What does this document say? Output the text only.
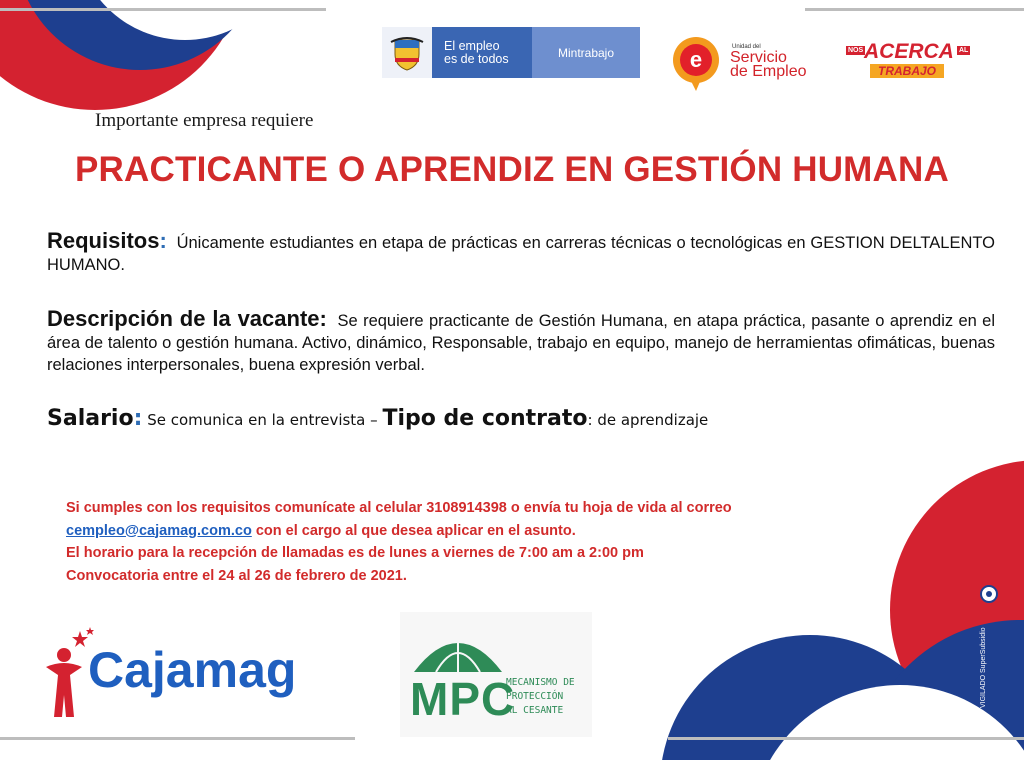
El empleo
es de todos	Mintrabajo	e	Unidad del
Servicio
de Empleo
NOS ACERCA AL
TRABAJO
Importante empresa requiere
PRACTICANTE O APRENDIZ EN GESTIÓN HUMANA
Requisitos: Únicamente estudiantes en etapa de prácticas en carreras técnicas o tecnológicas en GESTION DELTALENTO HUMANO.
Descripción de la vacante: Se requiere practicante de Gestión Humana, en atapa práctica, pasante o aprendiz en el área de talento o gestión humana. Activo, dinámico, Responsable, trabajo en equipo, manejo de herramientas ofimáticas, buenas relaciones interpersonales, buena expresión verbal.
Salario: Se comunica en la entrevista – Tipo de contrato: de aprendizaje
Si cumples con los requisitos comunícate al celular 3108914398 o envía tu hoja de vida al correo
cempleo@cajamag.com.co con el cargo al que desea aplicar en el asunto.
El horario para la recepción de llamadas es de lunes a viernes de 7:00 am a 2:00 pm
Convocatoria entre el 24 al 26 de febrero de 2021.
Cajamag
MPC
MECANISMO DE
PROTECCIÓN
AL CESANTE
VIGILADO SuperSubsidio
